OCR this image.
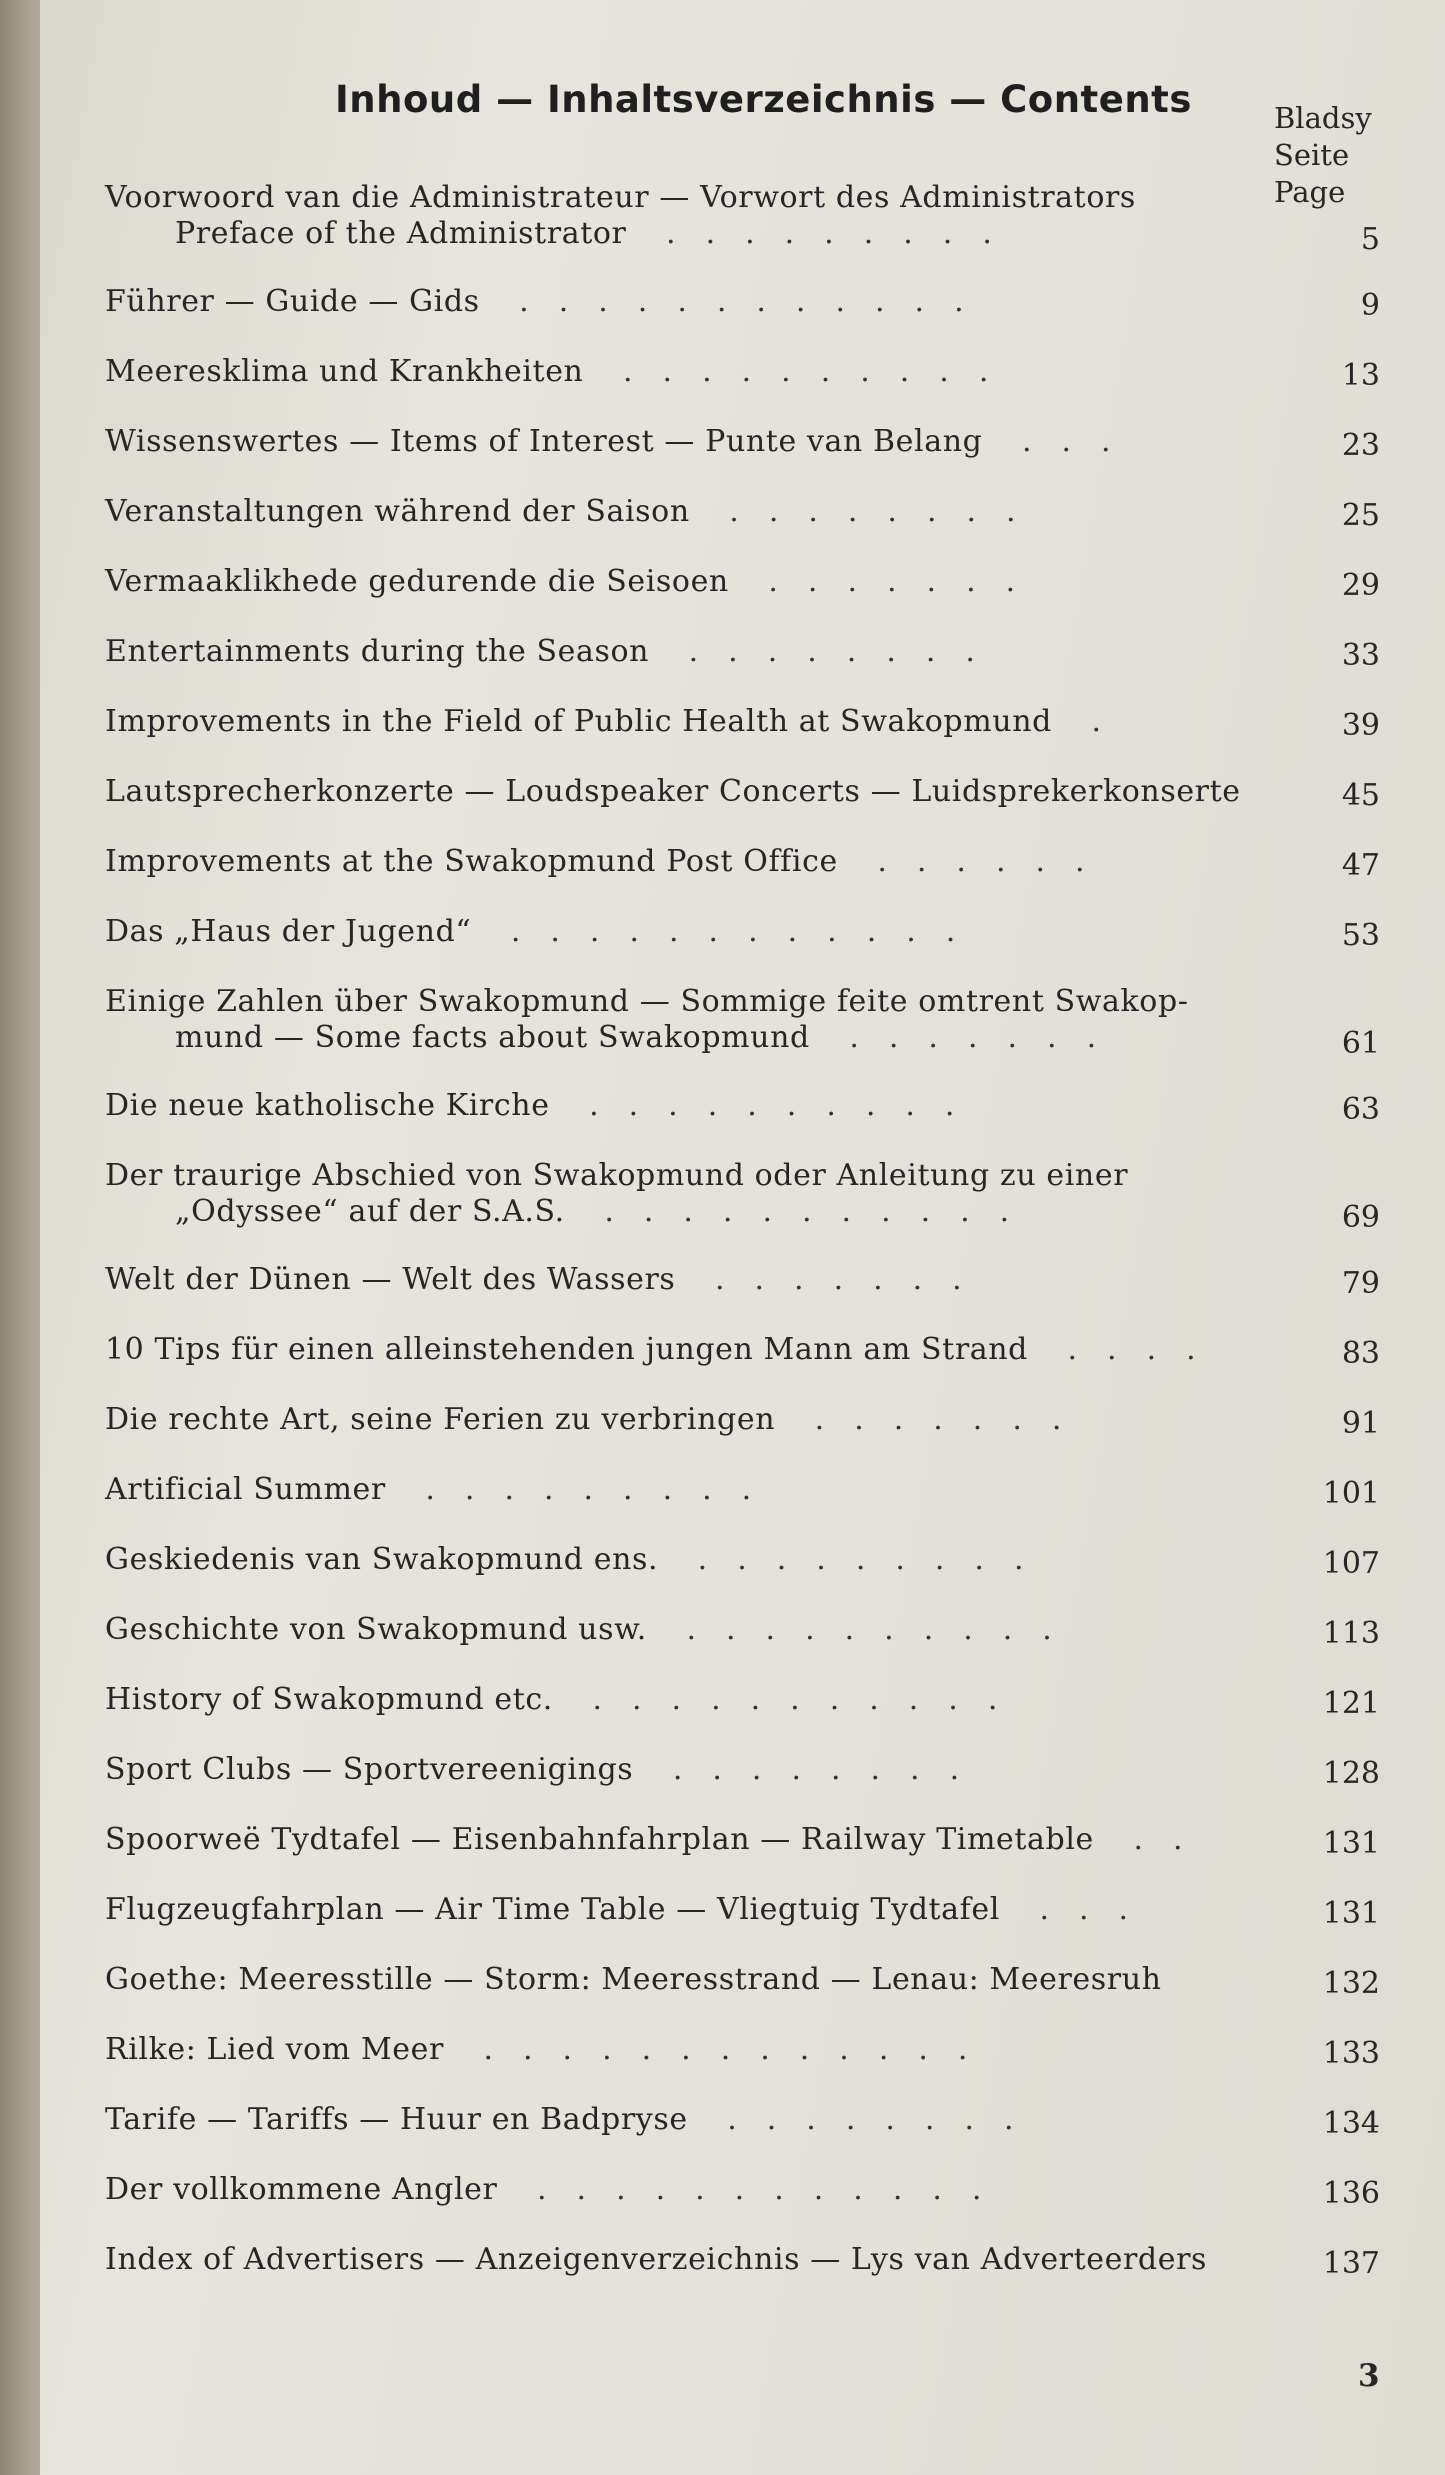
Inhoud — Inhaltsverzeichnis — Contents	Bladsy
Seite
Page
Voorwoord van die Administrateur — Vorwort des Administrators
Preface of the Administrator .........	5
Führer — Guide — Gids ............	9
Meeresklima und Krankheiten ..........	13
Wissenswertes — Items of Interest — Punte van Belang ...	23
Veranstaltungen während der Saison ........	25
Vermaaklikhede gedurende die Seisoen .......	29
Entertainments during the Season ........	33
Improvements in the Field of Public Health at Swakopmund .	39
Lautsprecherkonzerte — Loudspeaker Concerts — Luidsprekerkonserte	45
Improvements at the Swakopmund Post Office ......	47
Das „Haus der Jugend“ ............	53
Einige Zahlen über Swakopmund — Sommige feite omtrent Swakop-
mund — Some facts about Swakopmund .......	61
Die neue katholische Kirche ..........	63
Der traurige Abschied von Swakopmund oder Anleitung zu einer
„Odyssee“ auf der S.A.S. ...........	69
Welt der Dünen — Welt des Wassers .......	79
10 Tips für einen alleinstehenden jungen Mann am Strand ....	83
Die rechte Art, seine Ferien zu verbringen .......	91
Artificial Summer .........	101
Geskiedenis van Swakopmund ens. .........	107
Geschichte von Swakopmund usw. ..........	113
History of Swakopmund etc. ...........	121
Sport Clubs — Sportvereenigings ........	128
Spoorweë Tydtafel — Eisenbahnfahrplan — Railway Timetable ..	131
Flugzeugfahrplan — Air Time Table — Vliegtuig Tydtafel ...	131
Goethe: Meeresstille — Storm: Meeresstrand — Lenau: Meeresruh	132
Rilke: Lied vom Meer .............	133
Tarife — Tariffs — Huur en Badpryse ........	134
Der vollkommene Angler ............	136
Index of Advertisers — Anzeigenverzeichnis — Lys van Adverteerders	137
3
